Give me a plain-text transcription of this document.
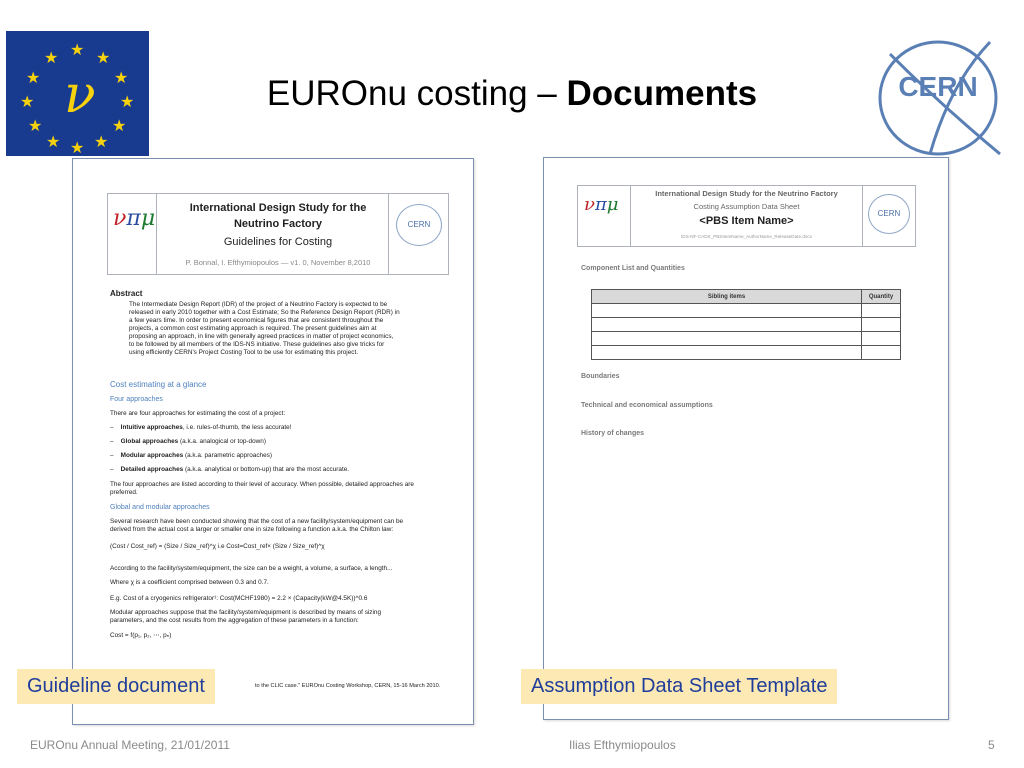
★ ★
★
★
★
★
★
★
★
★
★
★
ν	EUROnu costing – Documents	CERN
νπμ	International Design Study for the
Neutrino Factory
Guidelines for Costing
P. Bonnal, I. Efthymiopoulos — v1. 0, November 8,2010
CERN
Abstract
The Intermediate Design Report (IDR) of the project of a Neutrino Factory is expected to be
released in early 2010 together with a Cost Estimate; So the Reference Design Report (RDR) in
a few years time. In order to present economical figures that are consistent throughout the
projects, a common cost estimating approach is required. The present guidelines aim at
proposing an approach, in line with generally agreed practices in matter of project economics,
to be followed by all members of the IDS-NS initiative. These guidelines also give tricks for
using efficiently CERN's Project Costing Tool to be use for estimating this project.
Cost estimating at a glance
Four approaches
There are four approaches for estimating the cost of a project:
–    Intuitive approaches, i.e. rules-of-thumb, the less accurate!
–    Global approaches (a.k.a. analogical or top-down)
–    Modular approaches (a.k.a. parametric approaches)
–    Detailed approaches (a.k.a. analytical or bottom-up) that are the most accurate.
The four approaches are listed according to their level of accuracy. When possible, detailed approaches are
preferred.
Global and modular approaches
Several research have been conducted showing that the cost of a new facility/system/equipment can be
derived from the actual cost a larger or smaller one in size following a function a.k.a. the Chilton law:
(Cost / Cost_ref) = (Size / Size_ref)^χ i.e Cost=Cost_ref× (Size / Size_ref)^χ
According to the facility/system/equipment, the size can be a weight, a volume, a surface, a length...
Where χ is a coefficient comprised between 0.3 and 0.7.
E.g. Cost of a cryogenics refrigerator¹: Cost(MCHF1980) = 2.2 × (Capacity(kW@4.5K))^0.6
Modular approaches suppose that the facility/system/equipment is described by means of sizing
parameters, and the cost results from the aggregation of these parameters in a function:
Cost = f(p₁, p₂, ⋯, pₙ)
to the CLIC case." EUROnu Costing Workshop, CERN, 15-16 March 2010.
νπμ
International Design Study for the Neutrino Factory
Costing Assumption Data Sheet
<PBS Item Name>
IDS-NF-CADS_PBSItemName_AuthorName_ReleaseDate.docx
CERN
Component List and Quantities
Sibling items	Quantity

Boundaries
Technical and economical assumptions
History of changes
Guideline document	Assumption Data Sheet Template
EUROnu Annual Meeting, 21/01/2011	Ilias Efthymiopoulos	5
